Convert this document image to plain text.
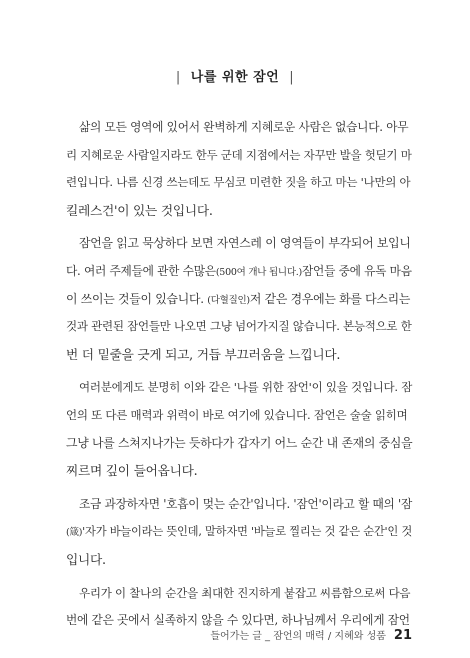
| 나를 위한 잠언 |
삶의 모든 영역에 있어서 완벽하게 지혜로운 사람은 없습니다. 아무
리 지혜로운 사람일지라도 한두 군데 지점에서는 자꾸만 발을 헛딛기 마
련입니다. 나름 신경 쓰는데도 무심코 미련한 짓을 하고 마는 '나만의 아
킬레스건'이 있는 것입니다.
잠언을 읽고 묵상하다 보면 자연스레 이 영역들이 부각되어 보입니
다. 여러 주제들에 관한 수많은(500여 개나 됩니다.)잠언들 중에 유독 마음
이 쓰이는 것들이 있습니다. (다혈질인)저 같은 경우에는 화를 다스리는
것과 관련된 잠언들만 나오면 그냥 넘어가지질 않습니다. 본능적으로 한
번 더 밑줄을 긋게 되고, 거듭 부끄러움을 느낍니다.
여러분에게도 분명히 이와 같은 '나를 위한 잠언'이 있을 것입니다. 잠
언의 또 다른 매력과 위력이 바로 여기에 있습니다. 잠언은 술술 읽히며
그냥 나를 스쳐지나가는 듯하다가 갑자기 어느 순간 내 존재의 중심을
찌르며 깊이 들어옵니다.
조금 과장하자면 '호흡이 멎는 순간'입니다. '잠언'이라고 할 때의 '잠
(箴)'자가 바늘이라는 뜻인데, 말하자면 '바늘로 찔리는 것 같은 순간'인 것
입니다.
우리가 이 찰나의 순간을 최대한 진지하게 붙잡고 씨름함으로써 다음
번에 같은 곳에서 실족하지 않을 수 있다면, 하나님께서 우리에게 잠언
들어가는 글 _ 잠언의 매력 / 지혜와 성품 21
